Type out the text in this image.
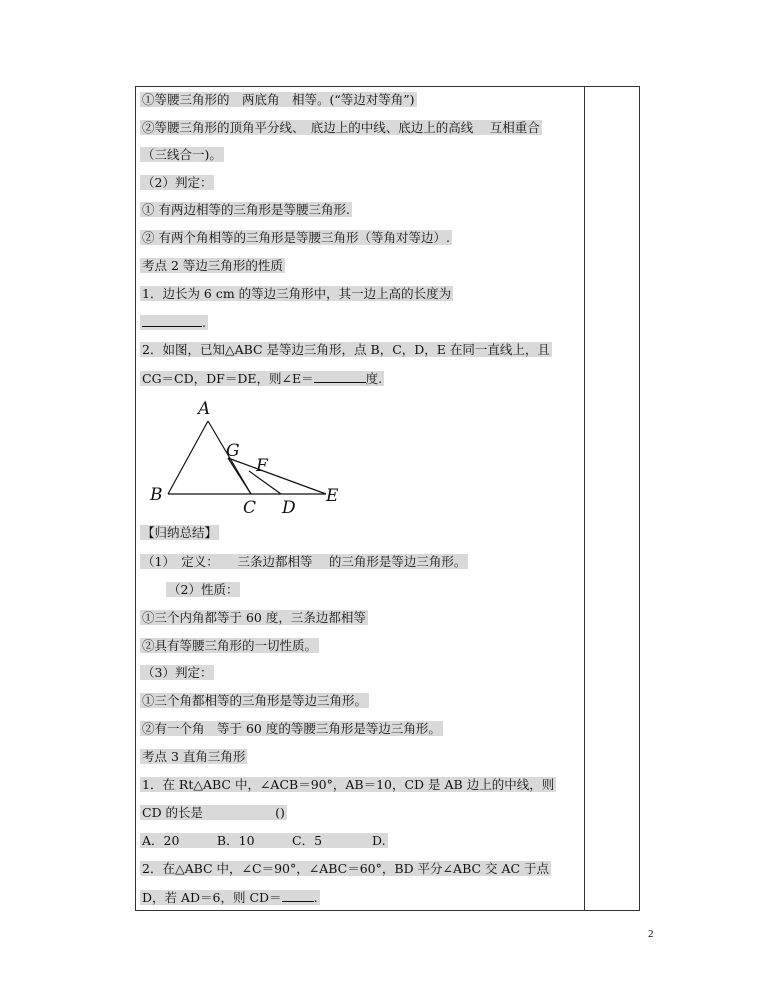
①等腰三角形的　两底角　相等。(“等边对等角”)
②等腰三角形的顶角平分线、　底边上的中线、底边上的高线　 互相重合
（三线合一)。
（2）判定：
① 有两边相等的三角形是等腰三角形.
② 有两个角相等的三角形是等腰三角形（等角对等边）.
考点 2 等边三角形的性质
1．边长为 6 cm 的等边三角形中，其一边上高的长度为
.
2．如图，已知△ABC 是等边三角形，点 B，C，D，E 在同一直线上，且
CG＝CD，DF＝DE，则∠E＝	度.
A
B
C D
E
F
G
【归纳总结】
（1）　定义：　　三条边都相等　 的三角形是等边三角形。
（2）性质：
①三个内角都等于 60 度，三条边都相等
②具有等腰三角形的一切性质。
（3）判定：
①三个角都相等的三角形是等边三角形。
②有一个角　等于 60 度的等腰三角形是等边三角形。
考点 3 直角三角形
1．在 Rt△ABC 中，∠ACB＝90°，AB＝10，CD 是 AB 边上的中线，则
CD 的长是	()
A．20　　　B．10　　　C．5　　　　D.
2．在△ABC 中，∠C＝90°，∠ABC＝60°，BD 平分∠ABC 交 AC 于点
D，若 AD＝6，则 CD＝	.
2
